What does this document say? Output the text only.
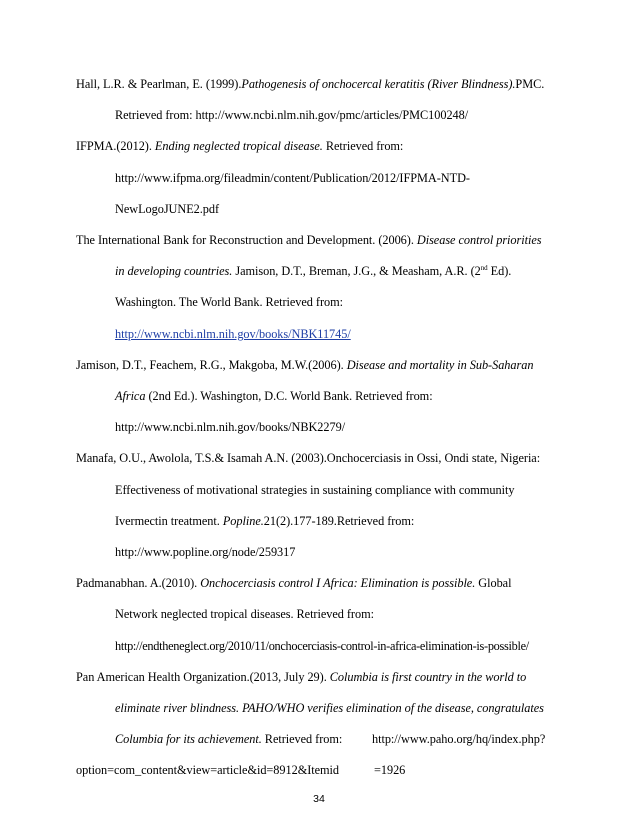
Hall, L.R. & Pearlman, E. (1999).Pathogenesis of onchocercal keratitis (River Blindness).PMC.
Retrieved from: http://www.ncbi.nlm.nih.gov/pmc/articles/PMC100248/
IFPMA.(2012). Ending neglected tropical disease. Retrieved from:
http://www.ifpma.org/fileadmin/content/Publication/2012/IFPMA-NTD-
NewLogoJUNE2.pdf
The International Bank for Reconstruction and Development. (2006). Disease control priorities
in developing countries. Jamison, D.T., Breman, J.G., & Measham, A.R. (2nd Ed).
Washington. The World Bank. Retrieved from:
http://www.ncbi.nlm.nih.gov/books/NBK11745/
Jamison, D.T., Feachem, R.G., Makgoba, M.W.(2006). Disease and mortality in Sub-Saharan
Africa (2nd Ed.). Washington, D.C. World Bank. Retrieved from:
http://www.ncbi.nlm.nih.gov/books/NBK2279/
Manafa, O.U., Awolola, T.S.& Isamah A.N. (2003).Onchocerciasis in Ossi, Ondi state, Nigeria:
Effectiveness of motivational strategies in sustaining compliance with community
Ivermectin treatment. Popline.21(2).177-189.Retrieved from:
http://www.popline.org/node/259317
Padmanabhan. A.(2010). Onchocerciasis control I Africa: Elimination is possible. Global
Network neglected tropical diseases. Retrieved from:
http://endtheneglect.org/2010/11/onchocerciasis-control-in-africa-elimination-is-possible/
Pan American Health Organization.(2013, July 29). Columbia is first country in the world to
eliminate river blindness. PAHO/WHO verifies elimination of the disease, congratulates
Columbia for its achievement. Retrieved from: http://www.paho.org/hq/index.php?
option=com_content&view=article&id=8912&Itemid	=1926
34
